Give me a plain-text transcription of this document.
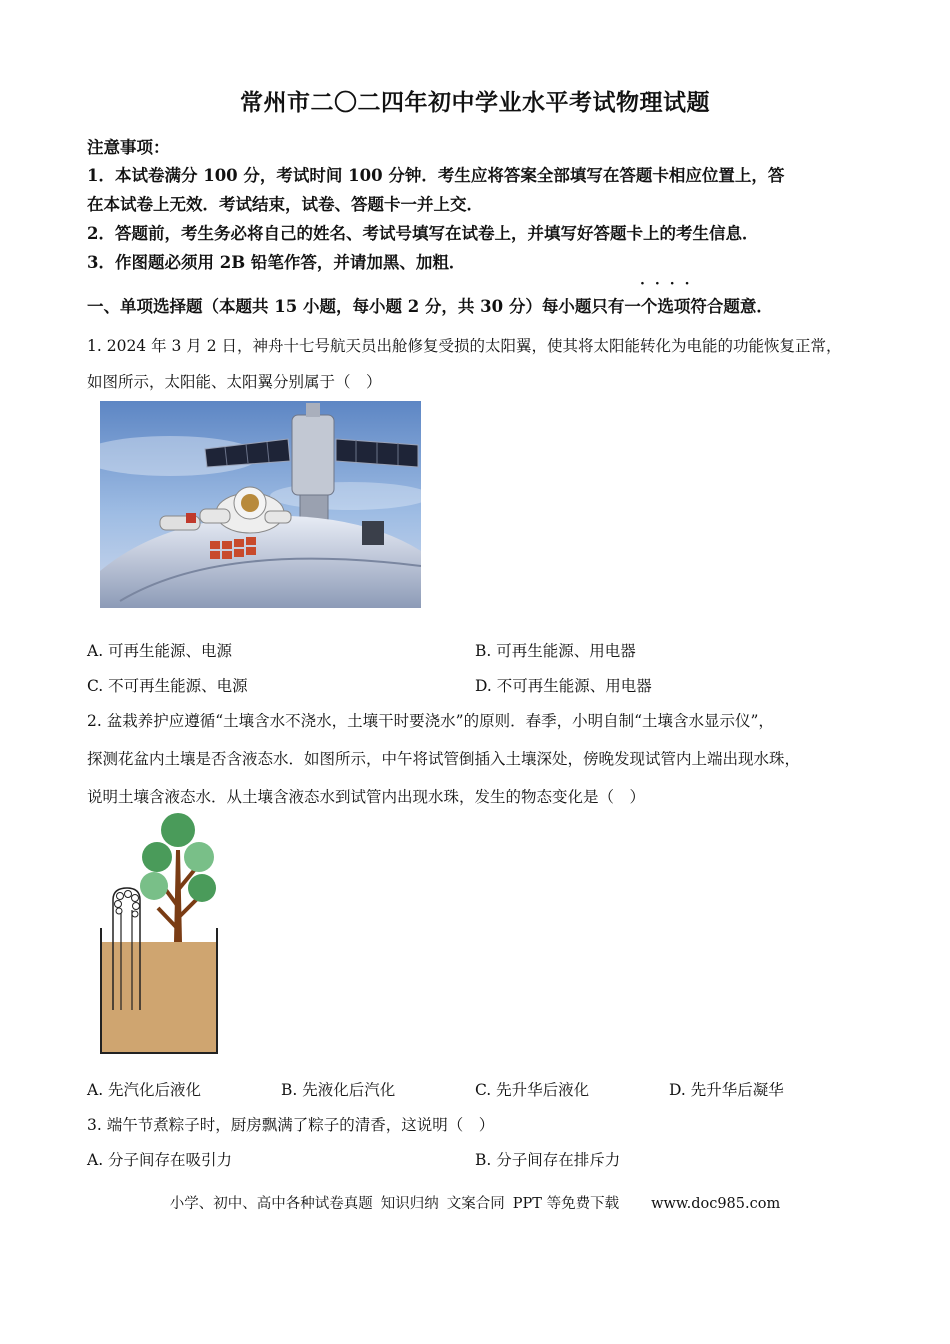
常州市二〇二四年初中学业水平考试物理试题
注意事项：
1．本试卷满分 100 分，考试时间 100 分钟．考生应将答案全部填写在答题卡相应位置上，答
在本试卷上无效．考试结束，试卷、答题卡一并上交．
2．答题前，考生务必将自己的姓名、考试号填写在试卷上，并填写好答题卡上的考生信息．
3．作图题必须用 2B 铅笔作答，并请加黑、加粗．
····
一、单项选择题（本题共 15 小题，每小题 2 分，共 30 分）每小题只有一个选项符合题意．
1. 2024 年 3 月 2 日，神舟十七号航天员出舱修复受损的太阳翼，使其将太阳能转化为电能的功能恢复正常，
如图所示，太阳能、太阳翼分别属于（　）
A. 可再生能源、电源	B. 可再生能源、用电器
C. 不可再生能源、电源	D. 不可再生能源、用电器
2. 盆栽养护应遵循“土壤含水不浇水，土壤干时要浇水”的原则．春季，小明自制“土壤含水显示仪”，
探测花盆内土壤是否含液态水．如图所示，中午将试管倒插入土壤深处，傍晚发现试管内上端出现水珠，
说明土壤含液态水．从土壤含液态水到试管内出现水珠，发生的物态变化是（　）
A. 先汽化后液化	B. 先液化后汽化	C. 先升华后液化	D. 先升华后凝华
3. 端午节煮粽子时，厨房飘满了粽子的清香，这说明（　）
A. 分子间存在吸引力	B. 分子间存在排斥力
小学、初中、高中各种试卷真题 知识归纳 文案合同 PPT 等免费下载 www.doc985.com
